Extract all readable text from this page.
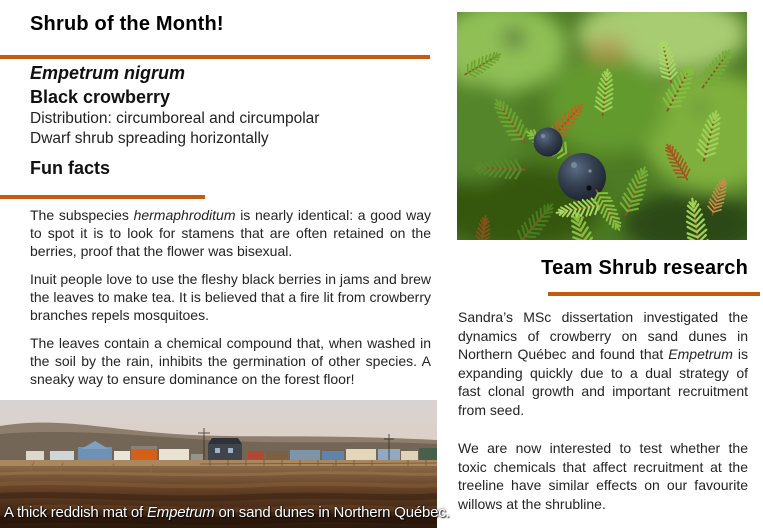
Shrub of the Month!
Empetrum nigrum
Black crowberry
Distribution: circumboreal and circumpolar
Dwarf shrub spreading horizontally
Fun facts

The subspecies hermaphroditum is nearly identical: a good way to spot it is to look for stamens that are often retained on the berries, proof that the flower was bisexual.

Inuit people love to use the fleshy black berries in jams and brew the leaves to make tea. It is believed that a fire lit from crowberry branches repels mosquitoes.

The leaves contain a chemical compound that, when washed in the soil by the rain, inhibits the germination of other species. A sneaky way to ensure dominance on the forest floor!

A thick reddish mat of Empetrum on sand dunes in Northern Québec.
Team Shrub research

Sandra’s MSc dissertation investigated the dynamics of crowberry on sand dunes in Northern Québec and found that Empetrum is expanding quickly due to a dual strategy of fast clonal growth and important recruitment from seed.

We are now interested to test whether the toxic chemicals that affect recruitment at the treeline have similar effects on our favourite willows at the shrubline.
